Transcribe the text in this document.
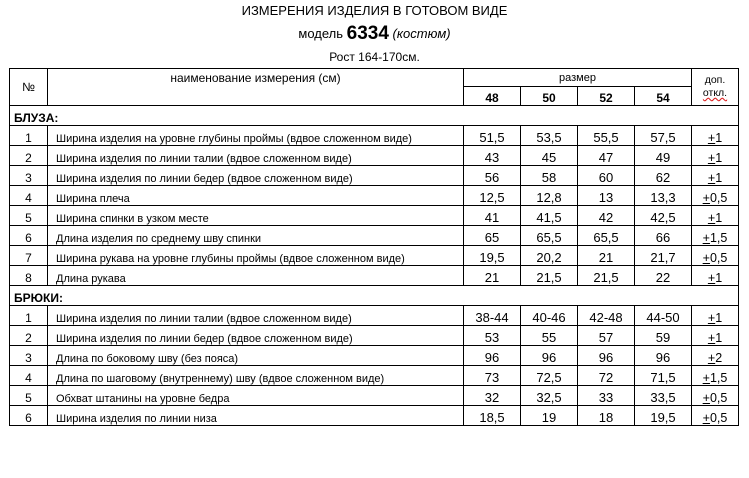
ИЗМЕРЕНИЯ ИЗДЕЛИЯ В ГОТОВОМ ВИДЕ
модель 6334 (костюм)
Рост 164-170см.
№	наименование измерения (см)	размер				доп.
откл.
		48	50	52	54	
БЛУЗА:						
1	Ширина изделия на уровне глубины проймы (вдвое сложенном виде)	51,5	53,5	55,5	57,5	+1
2	Ширина изделия по линии талии (вдвое сложенном виде)	43	45	47	49	+1
3	Ширина изделия по линии бедер (вдвое сложенном виде)	56	58	60	62	+1
4	Ширина плеча	12,5	12,8	13	13,3	+0,5
5	Ширина спинки в узком месте	41	41,5	42	42,5	+1
6	Длина изделия по среднему шву спинки	65	65,5	65,5	66	+1,5
7	Ширина рукава на уровне глубины проймы (вдвое сложенном виде)	19,5	20,2	21	21,7	+0,5
8	Длина рукава	21	21,5	21,5	22	+1
БРЮКИ:						
1	Ширина изделия по линии талии (вдвое сложенном виде)	38-44	40-46	42-48	44-50	+1
2	Ширина изделия по линии бедер (вдвое сложенном виде)	53	55	57	59	+1
3	Длина по боковому шву (без пояса)	96	96	96	96	+2
4	Длина по шаговому (внутреннему) шву (вдвое сложенном виде)	73	72,5	72	71,5	+1,5
5	Обхват штанины на уровне бедра	32	32,5	33	33,5	+0,5
6	Ширина изделия по линии низа	18,5	19	18	19,5	+0,5
